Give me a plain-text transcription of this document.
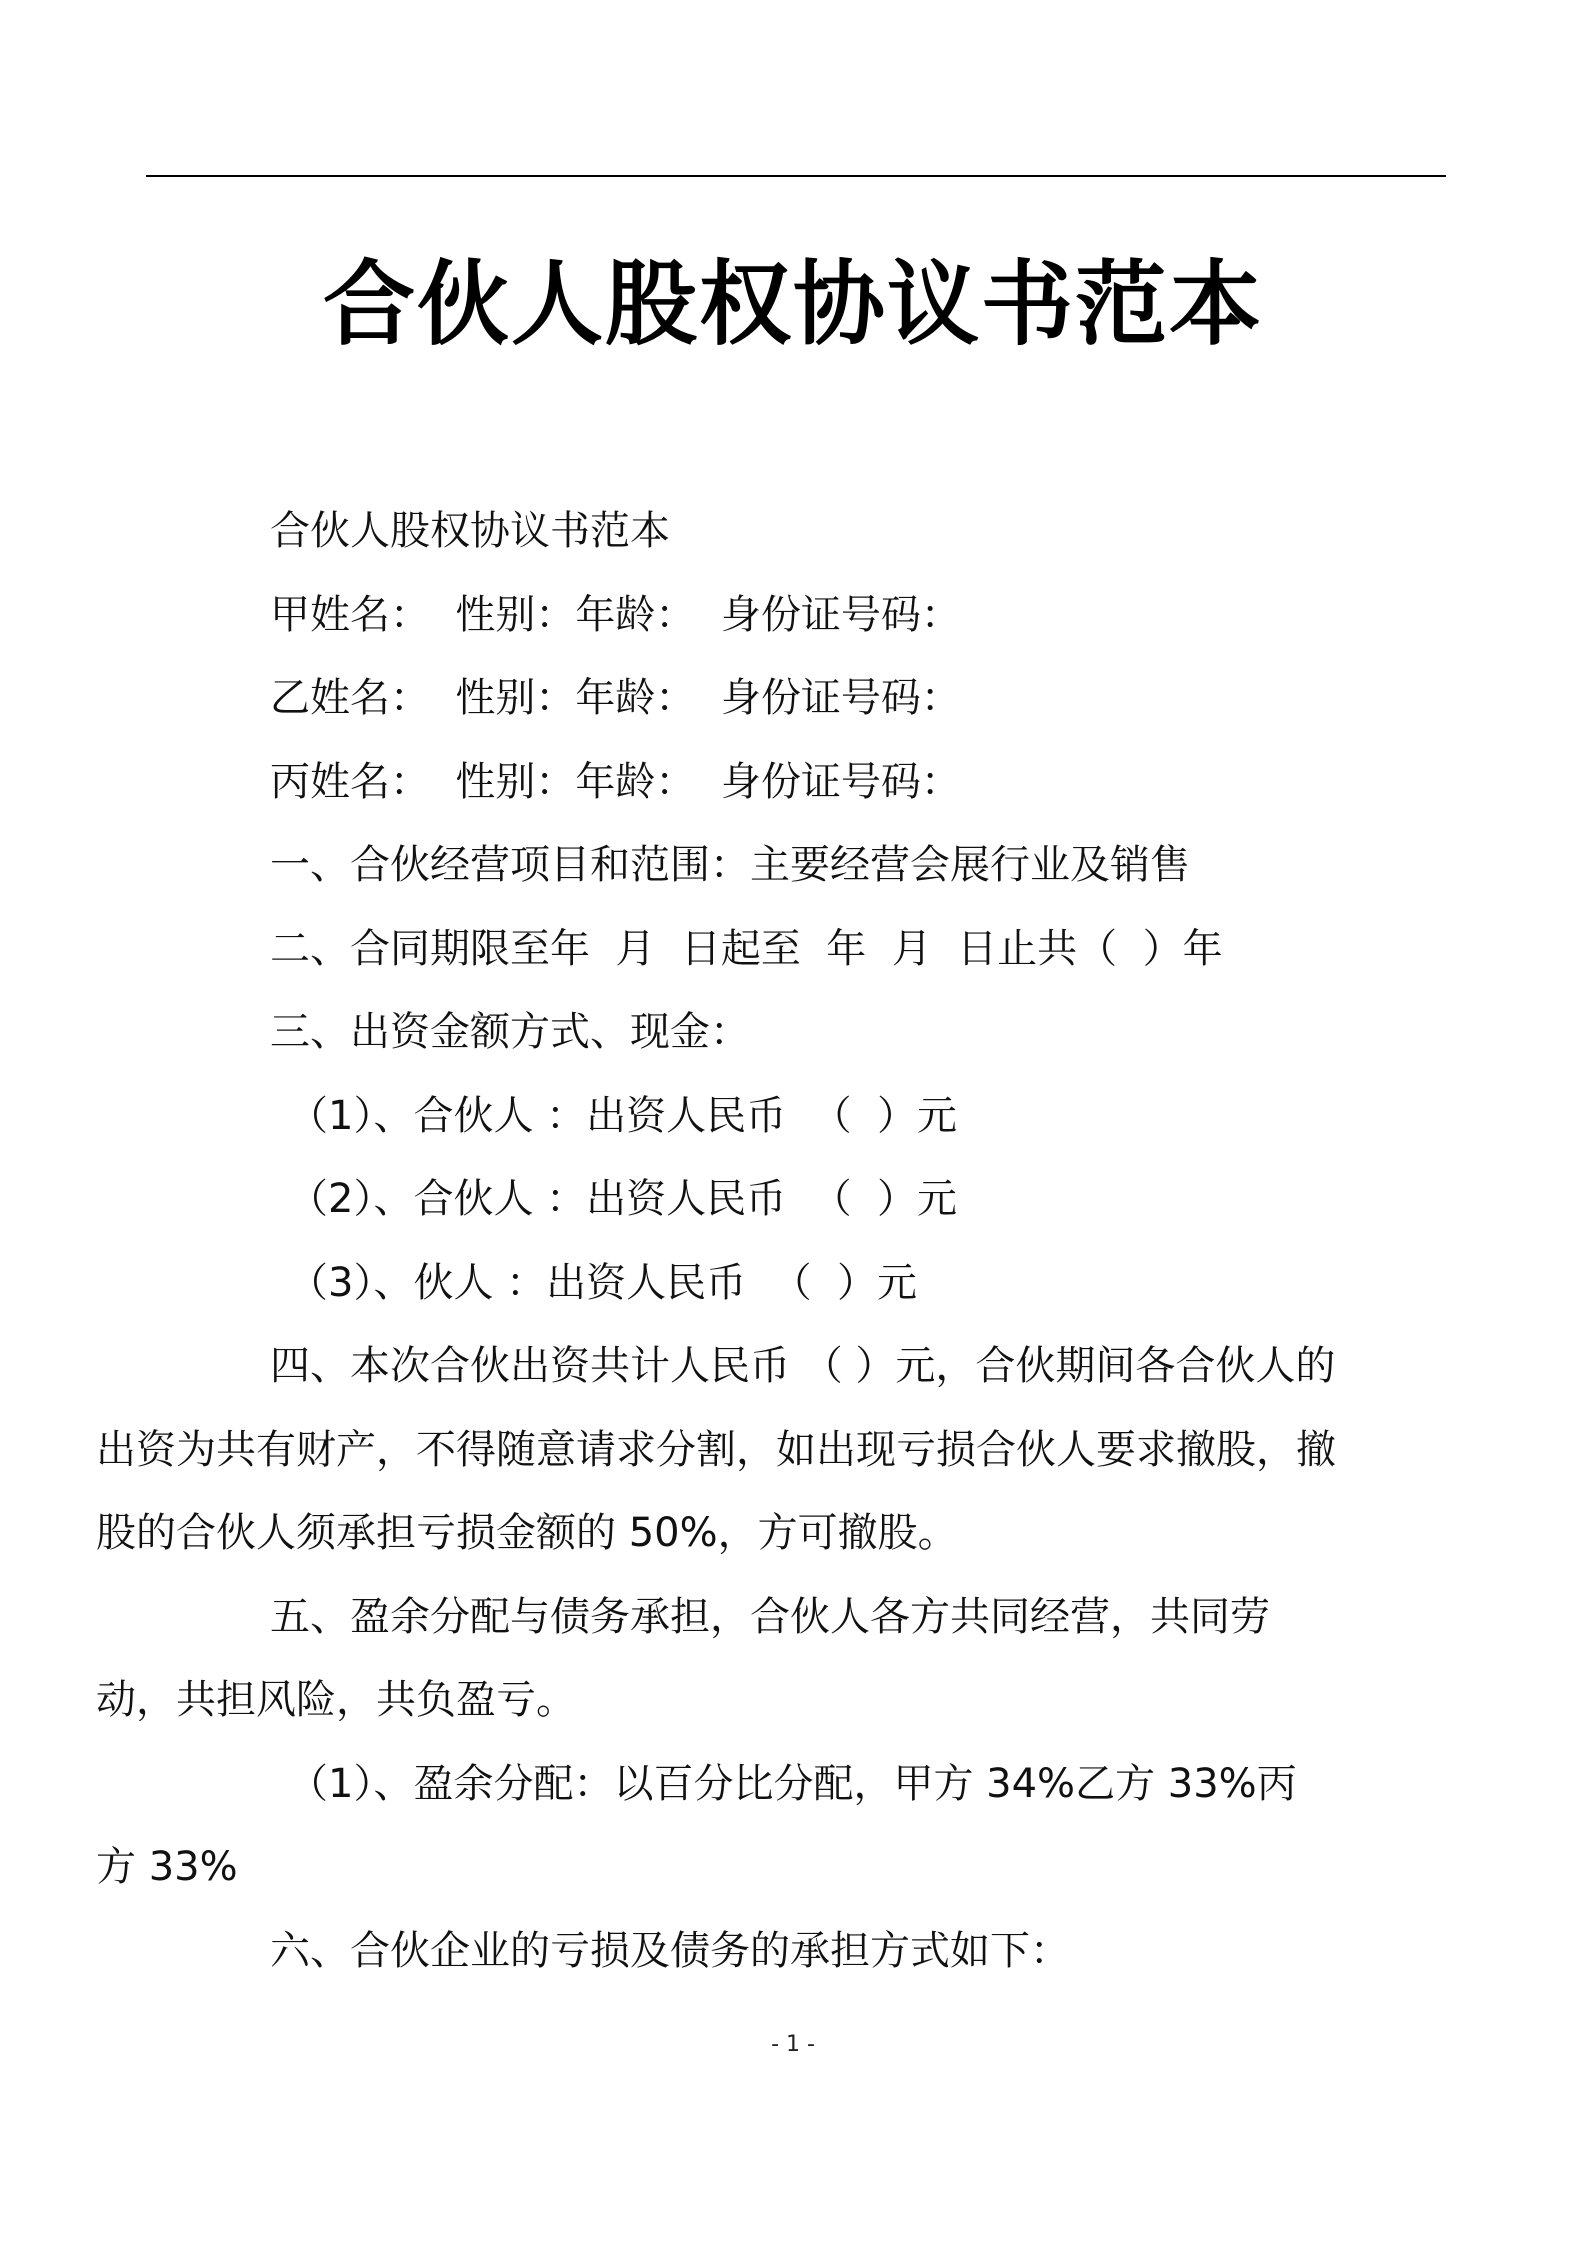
合伙人股权协议书范本
合伙人股权协议书范本
甲姓名：  性别：年龄：  身份证号码：
乙姓名：  性别：年龄：  身份证号码：
丙姓名：  性别：年龄：  身份证号码：
一、合伙经营项目和范围：主要经营会展行业及销售
二、合同期限至年  月  日起至  年  月  日止共（  ）年
三、出资金额方式、现金：
（1）、合伙人 ：出资人民币  （  ）元
（2）、合伙人 ：出资人民币  （  ）元
（3）、伙人 ：出资人民币  （  ）元
四、本次合伙出资共计人民币 （ ）元，合伙期间各合伙人的出资为共有财产，不得随意请求分割，如出现亏损合伙人要求撤股，撤股的合伙人须承担亏损金额的 50%，方可撤股。
五、盈余分配与债务承担，合伙人各方共同经营，共同劳动，共担风险，共负盈亏。
（1）、盈余分配：以百分比分配，甲方 34%乙方 33%丙方 33%
六、合伙企业的亏损及债务的承担方式如下：
- 1 -
